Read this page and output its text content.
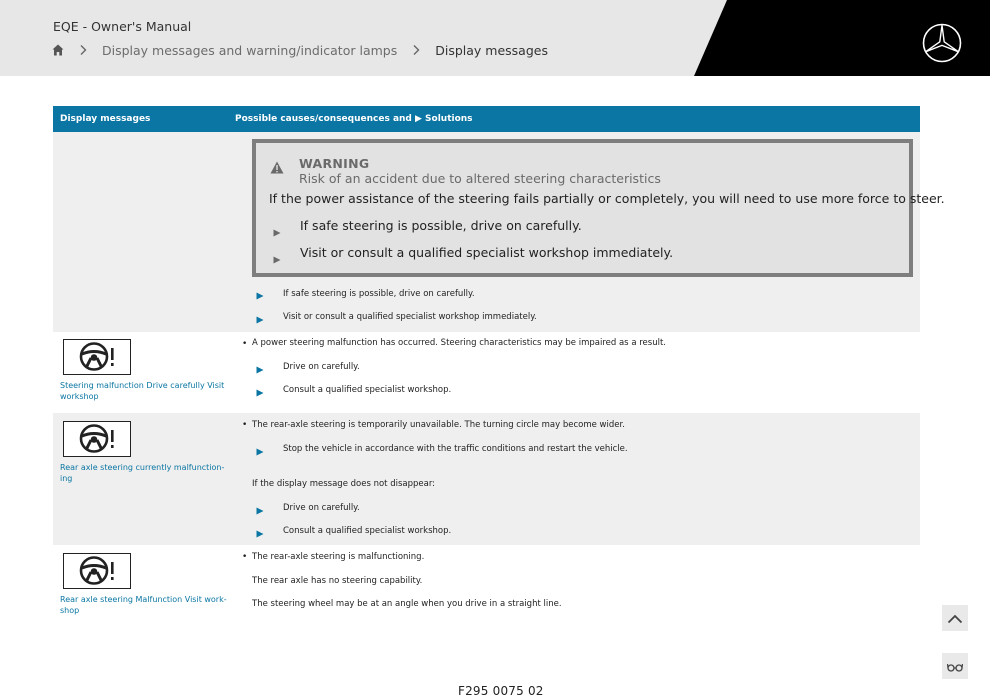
EQE - Owner's Manual
Display messages and warning/indicator lamps	Display messages
Display messages	Possible causes/consequences and ▶ Solutions
WARNING
Risk of an accident due to altered steering characteristics
If the power assistance of the steering fails partially or completely, you will need to use more force to steer.
If safe steering is possible, drive on carefully.
Visit or consult a qualified specialist workshop immediately.
If safe steering is possible, drive on carefully.
Visit or consult a qualified specialist workshop immediately.
Steering malfunction Drive carefully Visit
workshop
• A power steering malfunction has occurred. Steering characteristics may be impaired as a result.
Drive on carefully.
Consult a qualified specialist workshop.
Rear axle steering currently malfunction-
ing
• The rear-axle steering is temporarily unavailable. The turning circle may become wider.
Stop the vehicle in accordance with the traffic conditions and restart the vehicle.
If the display message does not disappear:
Drive on carefully.
Consult a qualified specialist workshop.
Rear axle steering Malfunction Visit work-
shop
• The rear-axle steering is malfunctioning.
The rear axle has no steering capability.
The steering wheel may be at an angle when you drive in a straight line.
F295 0075 02
